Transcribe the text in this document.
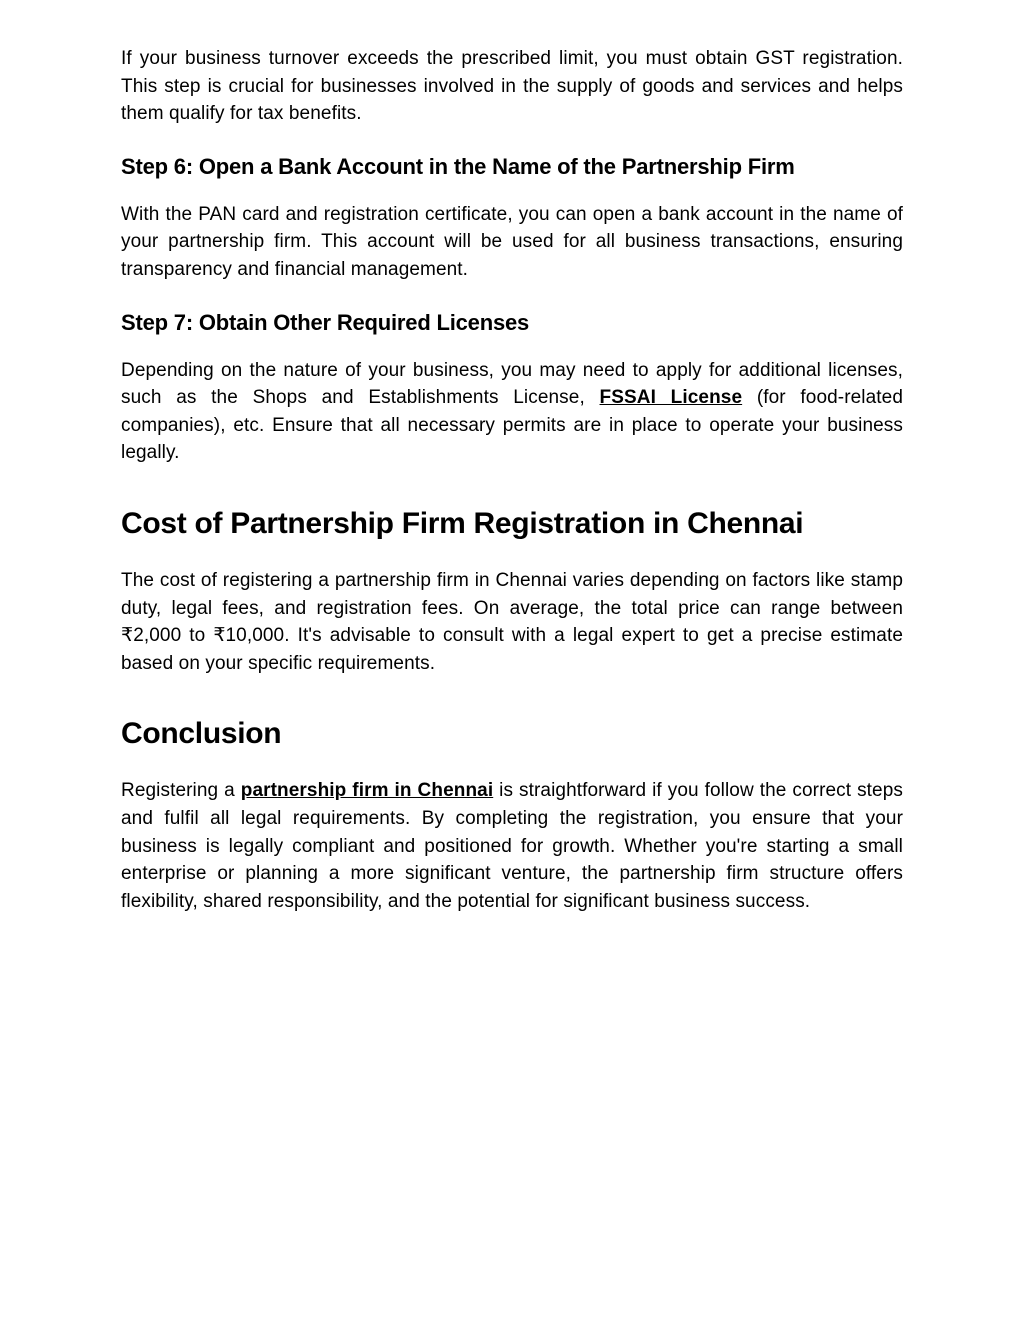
If your business turnover exceeds the prescribed limit, you must obtain GST registration. This step is crucial for businesses involved in the supply of goods and services and helps them qualify for tax benefits.

Step 6: Open a Bank Account in the Name of the Partnership Firm

With the PAN card and registration certificate, you can open a bank account in the name of your partnership firm. This account will be used for all business transactions, ensuring transparency and financial management.

Step 7: Obtain Other Required Licenses

Depending on the nature of your business, you may need to apply for additional licenses, such as the Shops and Establishments License, FSSAI License (for food-related companies), etc. Ensure that all necessary permits are in place to operate your business legally.

Cost of Partnership Firm Registration in Chennai

The cost of registering a partnership firm in Chennai varies depending on factors like stamp duty, legal fees, and registration fees. On average, the total price can range between ₹2,000 to ₹10,000. It's advisable to consult with a legal expert to get a precise estimate based on your specific requirements.

Conclusion

Registering a partnership firm in Chennai is straightforward if you follow the correct steps and fulfil all legal requirements. By completing the registration, you ensure that your business is legally compliant and positioned for growth. Whether you're starting a small enterprise or planning a more significant venture, the partnership firm structure offers flexibility, shared responsibility, and the potential for significant business success.
